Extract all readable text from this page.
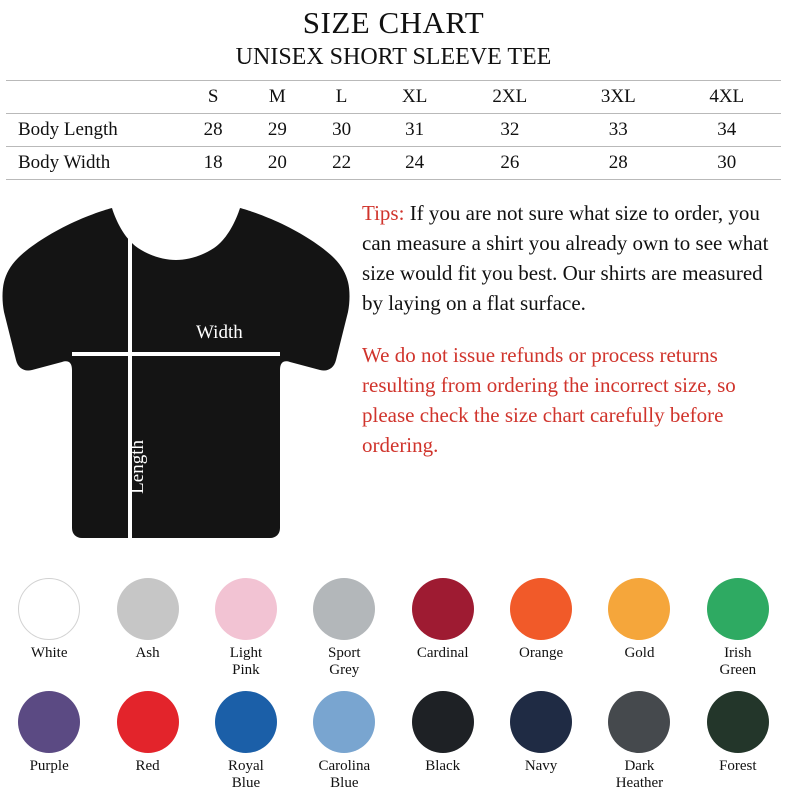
SIZE CHART
UNISEX SHORT SLEEVE TEE
	S	M	L	XL	2XL	3XL	4XL
Body Length	28	29	30	31	32	33	34
Body Width	18	20	22	24	26	28	30
Width
Length

Tips: If you are not sure what size to order, you can measure a shirt you already own to see what size would fit you best. Our shirts are measured by laying on a flat surface.

We do not issue refunds or process returns resulting from ordering the incorrect size, so please check the size chart carefully before ordering.

White	Ash	Light
Pink
Sport
Grey
Cardinal	Orange	Gold	Irish
Green
Purple	Red	Royal
Blue
Carolina
Blue
Black	Navy	Dark
Heather
Forest
